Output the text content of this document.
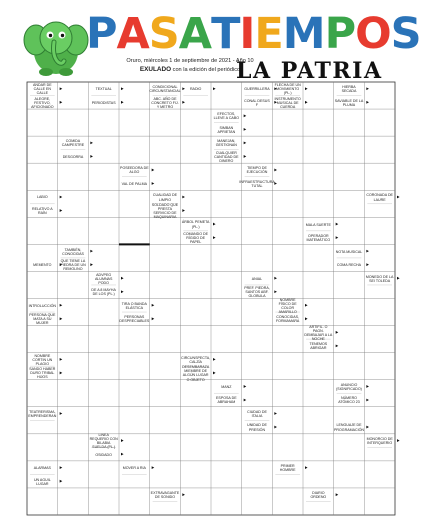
P A S A T I E M P O S
Oruro, miércoles 1 de septiembre de 2021 - Año 10
EXULADO con la edición del periódico
LA PATRIA
ANDAR DE CALLE EN CALLE
ALEGRE, FESTIVO, AFICIONADO
TEXTUAL
PERIODISTAS
CONDICIONAL CIRCUNSTANCIAL
ABC. AÑO DE CONCRETO FIJ. Y METRO
RADIO	GUERRILLERA
CONAL DESUS F
FLECHA DE UN MOVIMIENTO (PL.)
INSTRUMENTO MUSICAL DE CUERDA
HIERBA SECADA
SAVIABLE DE LA PLUMA
EFECTOS, LLEVE A CABO
SIMBAN APRIETAN
COMIDA CAMPESTRE
DESGORRA
MANEJAN, GESTIONAN
CUALQUIER CANTIDAD DE DINERO
POSEEDORA DE ALGO
VAL DE PALMA
TIEMPO DE EJECUCIÓN
INFRAESTRUCTURA TUTAL
LABIO
RELATIVO A RAÍN
CUALIDAD DE LIMPIO
SOLDADO QUE PRESTA SERVICIO DE MAQUINARIA
CORONADA DE LAURE
ÁRBOL PEMETA (PL.)
COMANDO DE RÍGIDO DE PAPEL
MALA SUERTE
OPERADOR MATEMÁTICO
TAMBIÉN, CONOCIDAS
QUE TIENE LA PIEDRA DE UN REMOLINO
NOTA MUSICAL
MEMENTO	COMA RECHA
ADVPEG ALUMNAS PODO
DE A 8 MAYHA DE LOS (PL.)
ANIAL
PREF. PIEDRA, SANTOS ABF. GLOBULA
MONEDO DE LA SEI TOLEDA
INTROLUCCIÓN
PERSONA QUE MATA A SU MUJER
TIRA O BANDA ELÁSTICA
PERSONAS DESPRECIABLES
NOMBRE FÍSICO DE COLOR AMARILLO
CONOCIDAS, FORMAMARA
ARTIFIL. O PAGN. DEMBAJAR A LA NOCHE
TENEMOS ABRIGAR
NOMBRE CORTIN UN PLAGIO
SANDO HABER DURO TRIBAL HIJOS
CIRCUNSPECTA, CALZÍA
DESEMBARAZA MIEMBRE DE ALGÚN LUGAR O OBJETO
MANZ
ESPOSA DE ABRAHAM
ANUNCIO (SIGNIFICADO)
NÚMERO ATÓMICO 23
TEATRERISMA, EMPRENDERAN
CIUDAD DE ITALIA
UNIDAD DE PRESIÓN
LENGUAJE DE PROGRAMACIÓN
LINEA REQUERIO CON BILABIA SUELDA (PL.)
OSIDADO
MONORCIO DE INTERQUERIO
ALARMAS
UN AGUIL LUGAR
MOVER A RIA
PRIMER HOMBRE
EXTRAVAGANTE DE SONIDO
DIARIO ORDENO
